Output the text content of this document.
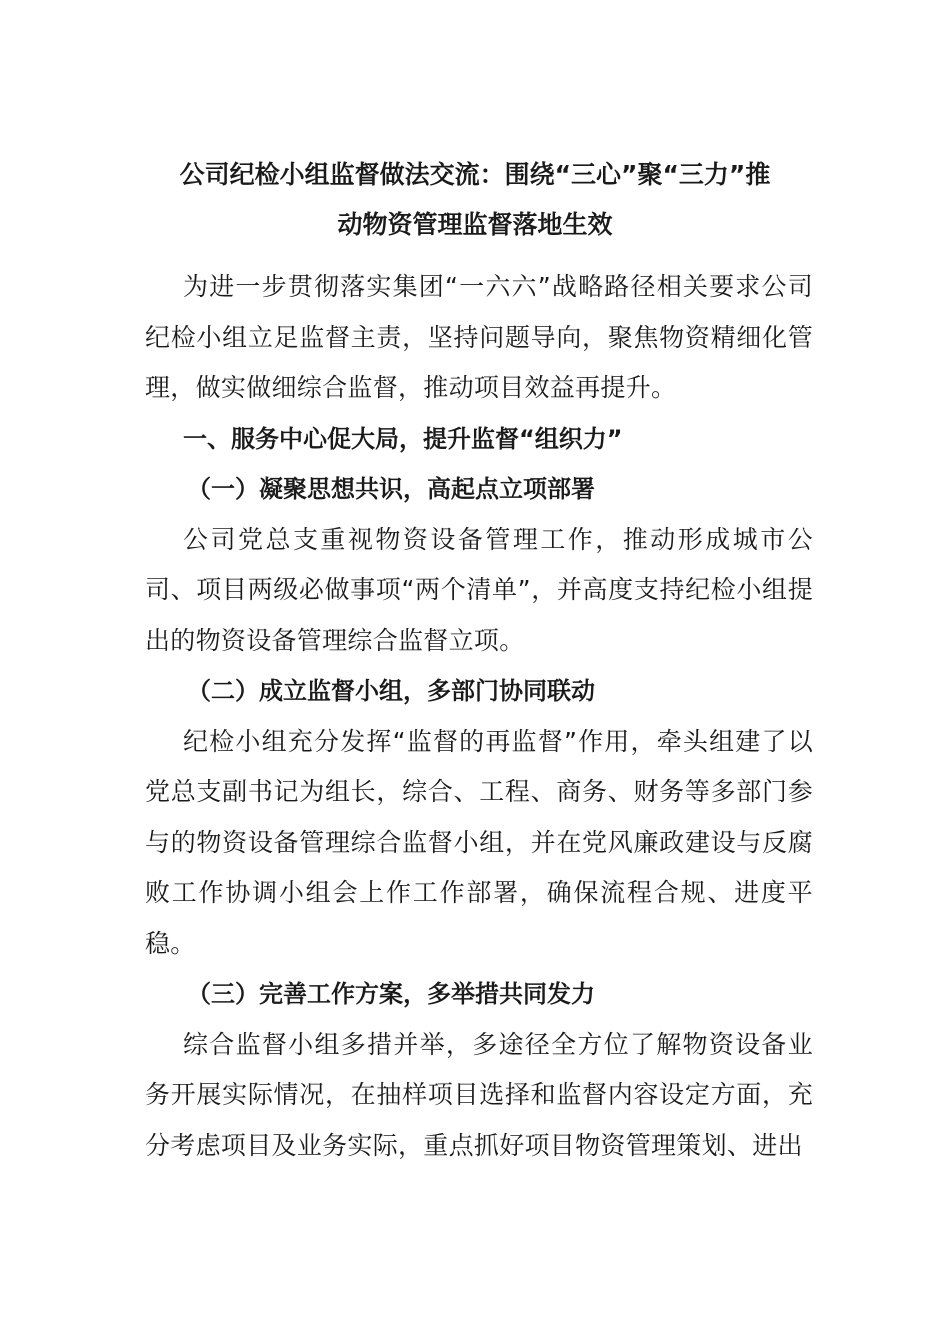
公司纪检小组监督做法交流：围绕“三心”聚“三力”推
动物资管理监督落地生效

为进一步贯彻落实集团“一六六”战略路径相关要求公司纪检小组立足监督主责，坚持问题导向，聚焦物资精细化管理，做实做细综合监督，推动项目效益再提升。

一、服务中心促大局，提升监督“组织力”

（一）凝聚思想共识，高起点立项部署

公司党总支重视物资设备管理工作，推动形成城市公司、项目两级必做事项“两个清单”，并高度支持纪检小组提出的物资设备管理综合监督立项。

（二）成立监督小组，多部门协同联动

纪检小组充分发挥“监督的再监督”作用，牵头组建了以党总支副书记为组长，综合、工程、商务、财务等多部门参与的物资设备管理综合监督小组，并在党风廉政建设与反腐败工作协调小组会上作工作部署，确保流程合规、进度平稳。

（三）完善工作方案，多举措共同发力

综合监督小组多措并举，多途径全方位了解物资设备业务开展实际情况，在抽样项目选择和监督内容设定方面，充分考虑项目及业务实际，重点抓好项目物资管理策划、进出
